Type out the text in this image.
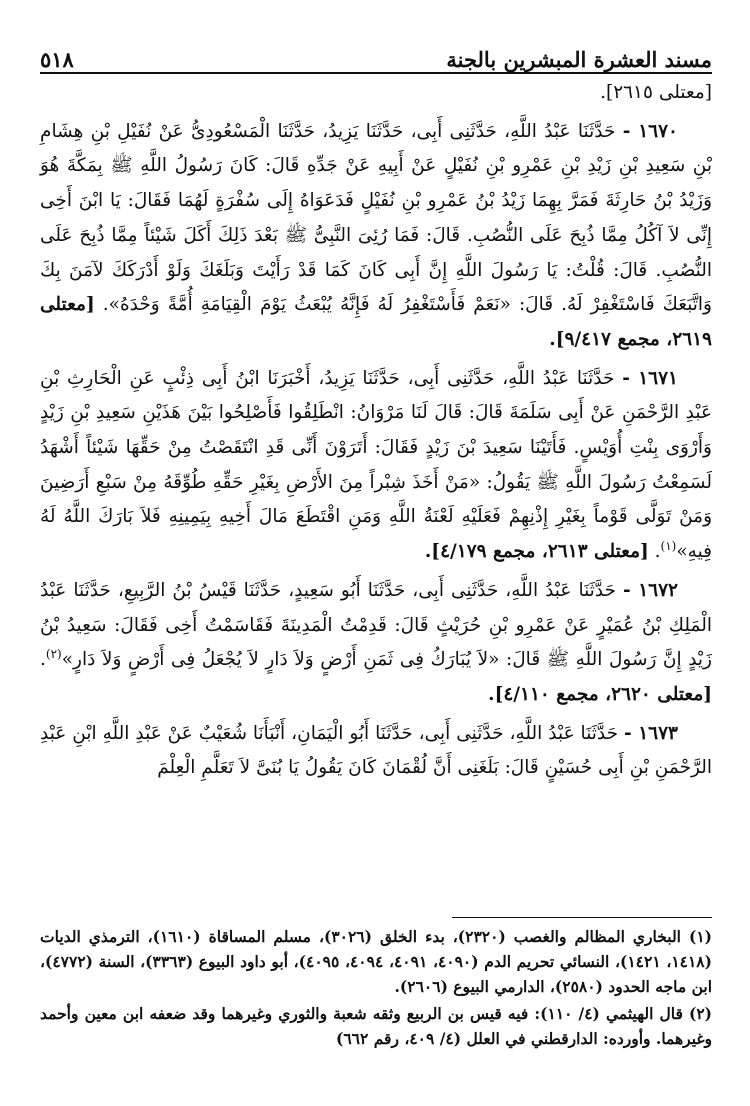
مسند العشرة المبشرين بالجنة
٥١٨

[معتلى ٢٦١٥].

١٦٧٠ - حَدَّثَنَا عَبْدُ اللَّهِ، حَدَّثَنِى أَبِى، حَدَّثَنَا يَزِيدُ، حَدَّثَنَا الْمَسْعُودِىُّ عَنْ نُفَيْلِ بْنِ هِشَامِ بْنِ سَعِيدِ بْنِ زَيْدِ بْنِ عَمْرِو بْنِ نُفَيْلٍ عَنْ أَبِيهِ عَنْ جَدِّهِ قَالَ: كَانَ رَسُولُ اللَّهِ ﷺ بِمَكَّةَ هُوَ وَزَيْدُ بْنُ حَارِثَةَ فَمَرَّ بِهِمَا زَيْدُ بْنُ عَمْرِو بْنِ نُفَيْلٍ فَدَعَوَاهُ إِلَى سُفْرَةٍ لَهُمَا فَقَالَ: يَا ابْنَ أَخِى إِنِّى لاَ آكُلُ مِمَّا ذُبِحَ عَلَى النُّصُبِ. قَالَ: فَمَا رُئِىَ النَّبِىُّ ﷺ بَعْدَ ذَلِكَ أَكَلَ شَيْئاً مِمَّا ذُبِحَ عَلَى النُّصُبِ. قَالَ: قُلْتُ: يَا رَسُولَ اللَّهِ إِنَّ أَبِى كَانَ كَمَا قَدْ رَأَيْتَ وَبَلَغَكَ وَلَوْ أَدْرَكَكَ لآمَنَ بِكَ وَاتَّبَعَكَ فَاسْتَغْفِرْ لَهُ. قَالَ: «نَعَمْ فَأَسْتَغْفِرُ لَهُ فَإِنَّهُ يُبْعَثُ يَوْمَ الْقِيَامَةِ أُمَّةً وَحْدَهُ». [معتلى ٢٦١٩، مجمع ٩/٤١٧].

١٦٧١ - حَدَّثَنَا عَبْدُ اللَّهِ، حَدَّثَنِى أَبِى، حَدَّثَنَا يَزِيدُ، أَخْبَرَنَا ابْنُ أَبِى ذِئْبٍ عَنِ الْحَارِثِ بْنِ عَبْدِ الرَّحْمَنِ عَنْ أَبِى سَلَمَةَ قَالَ: قَالَ لَنَا مَرْوَانُ: انْطَلِقُوا فَأَصْلِحُوا بَيْنَ هَذَيْنِ سَعِيدِ بْنِ زَيْدٍ وَأَرْوَى بِنْتِ أُوَيْسٍ. فَأَتَيْنَا سَعِيدَ بْنَ زَيْدٍ فَقَالَ: أَتَرَوْنَ أَنِّى قَدِ انْتَقَصْتُ مِنْ حَقِّهَا شَيْئاً أَشْهَدُ لَسَمِعْتُ رَسُولَ اللَّهِ ﷺ يَقُولُ: «مَنْ أَخَذَ شِبْراً مِنَ الأَرْضِ بِغَيْرِ حَقِّهِ طُوِّقَهُ مِنْ سَبْعِ أَرَضِينَ وَمَنْ تَوَلَّى قَوْماً بِغَيْرِ إِذْنِهِمْ فَعَلَيْهِ لَعْنَةُ اللَّهِ وَمَنِ اقْتَطَعَ مَالَ أَخِيهِ بِيَمِينِهِ فَلاَ بَارَكَ اللَّهُ لَهُ فِيهِ»$^{(١)}$. [معتلى ٢٦١٣، مجمع ٤/١٧٩].

١٦٧٢ - حَدَّثَنَا عَبْدُ اللَّهِ، حَدَّثَنِى أَبِى، حَدَّثَنَا أَبُو سَعِيدٍ، حَدَّثَنَا قَيْسُ بْنُ الرَّبِيعِ، حَدَّثَنَا عَبْدُ الْمَلِكِ بْنُ عُمَيْرٍ عَنْ عَمْرِو بْنِ حُرَيْثٍ قَالَ: قَدِمْتُ الْمَدِينَةَ فَقَاسَمْتُ أَخِى فَقَالَ: سَعِيدُ بْنُ زَيْدٍ إِنَّ رَسُولَ اللَّهِ ﷺ قَالَ: «لاَ يُبَارَكُ فِى ثَمَنِ أَرْضٍ وَلاَ دَارٍ لاَ يُجْعَلُ فِى أَرْضٍ وَلاَ دَارٍ»$^{(٢)}$. [معتلى ٢٦٢٠، مجمع ٤/١١٠].

١٦٧٣ - حَدَّثَنَا عَبْدُ اللَّهِ، حَدَّثَنِى أَبِى، حَدَّثَنَا أَبُو الْيَمَانِ، أَنْبَأَنَا شُعَيْبٌ عَنْ عَبْدِ اللَّهِ ابْنِ عَبْدِ الرَّحْمَنِ بْنِ أَبِى حُسَيْنٍ قَالَ: بَلَغَنِى أَنَّ لُقْمَانَ كَانَ يَقُولُ يَا بُنَىَّ لاَ تَعَلَّمِ الْعِلْمَ

(١) البخاري المظالم والغصب (٢٣٢٠)، بدء الخلق (٣٠٢٦)، مسلم المساقاة (١٦١٠)، الترمذي الديات (١٤١٨، ١٤٢١)، النسائي تحريم الدم (٤٠٩٠، ٤٠٩١، ٤٠٩٤، ٤٠٩٥)، أبو داود البيوع (٣٣٦٣)، السنة (٤٧٧٢)، ابن ماجه الحدود (٢٥٨٠)، الدارمي البيوع (٢٦٠٦).

(٢) قال الهيثمي (٤/ ١١٠): فيه قيس بن الربيع وثقه شعبة والثوري وغيرهما وقد ضعفه ابن معين وأحمد وغيرهما. وأورده: الدارقطني في العلل (٤/ ٤٠٩، رقم ٦٦٢)
